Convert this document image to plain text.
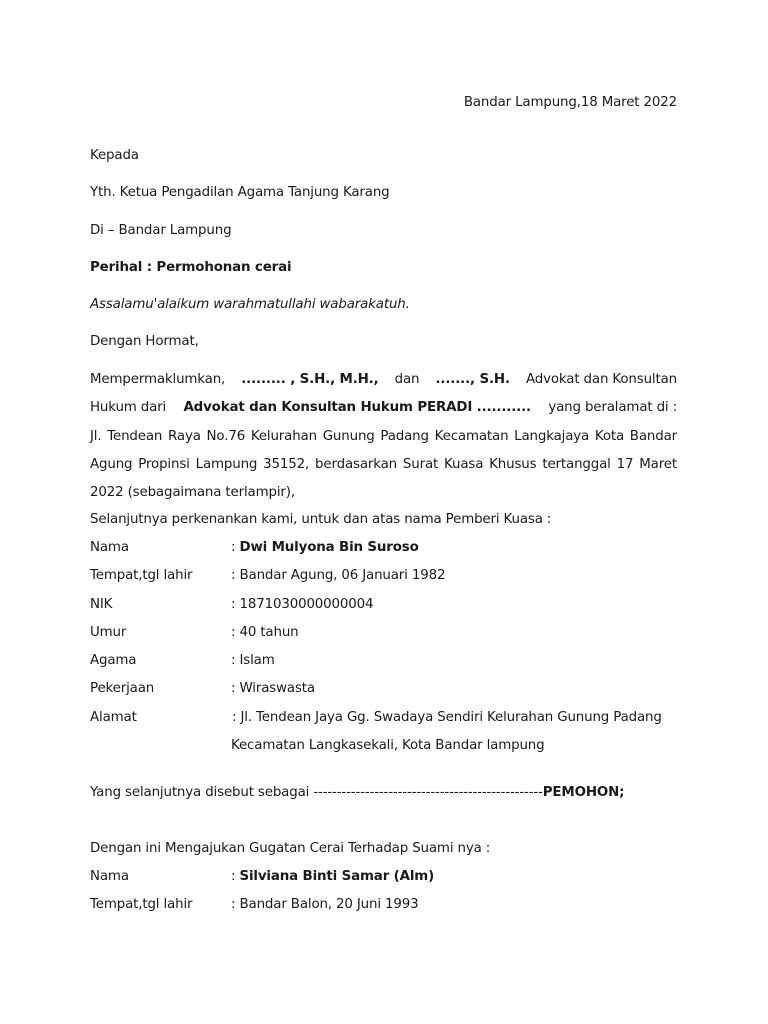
Bandar Lampung,18 Maret 2022
Kepada
Yth. Ketua Pengadilan Agama Tanjung Karang
Di – Bandar Lampung
Perihal : Permohonan cerai
Assalamu'alaikum warahmatullahi wabarakatuh.
Dengan Hormat,
Mempermaklumkan, ......... , S.H., M.H., dan ......., S.H. Advokat dan Konsultan
Hukum dari Advokat dan Konsultan Hukum PERADI ........... yang beralamat di :
Jl. Tendean Raya No.76 Kelurahan Gunung Padang Kecamatan Langkajaya Kota Bandar
Agung Propinsi Lampung 35152, berdasarkan Surat Kuasa Khusus tertanggal 17 Maret
2022 (sebagaimana terlampir),
Selanjutnya perkenankan kami, untuk dan atas nama Pemberi Kuasa :
Nama	: Dwi Mulyona Bin Suroso
Tempat,tgl lahir	: Bandar Agung, 06 Januari 1982
NIK	: 1871030000000004
Umur	: 40 tahun
Agama	: Islam
Pekerjaan	: Wiraswasta
Alamat	: Jl. Tendean Jaya Gg. Swadaya Sendiri Kelurahan Gunung Padang
Kecamatan Langkasekali, Kota Bandar lampung
Yang selanjutnya disebut sebagai -------------------------------------------------PEMOHON;
Dengan ini Mengajukan Gugatan Cerai Terhadap Suami nya :
Nama	: Silviana Binti Samar (Alm)
Tempat,tgl lahir	: Bandar Balon, 20 Juni 1993
